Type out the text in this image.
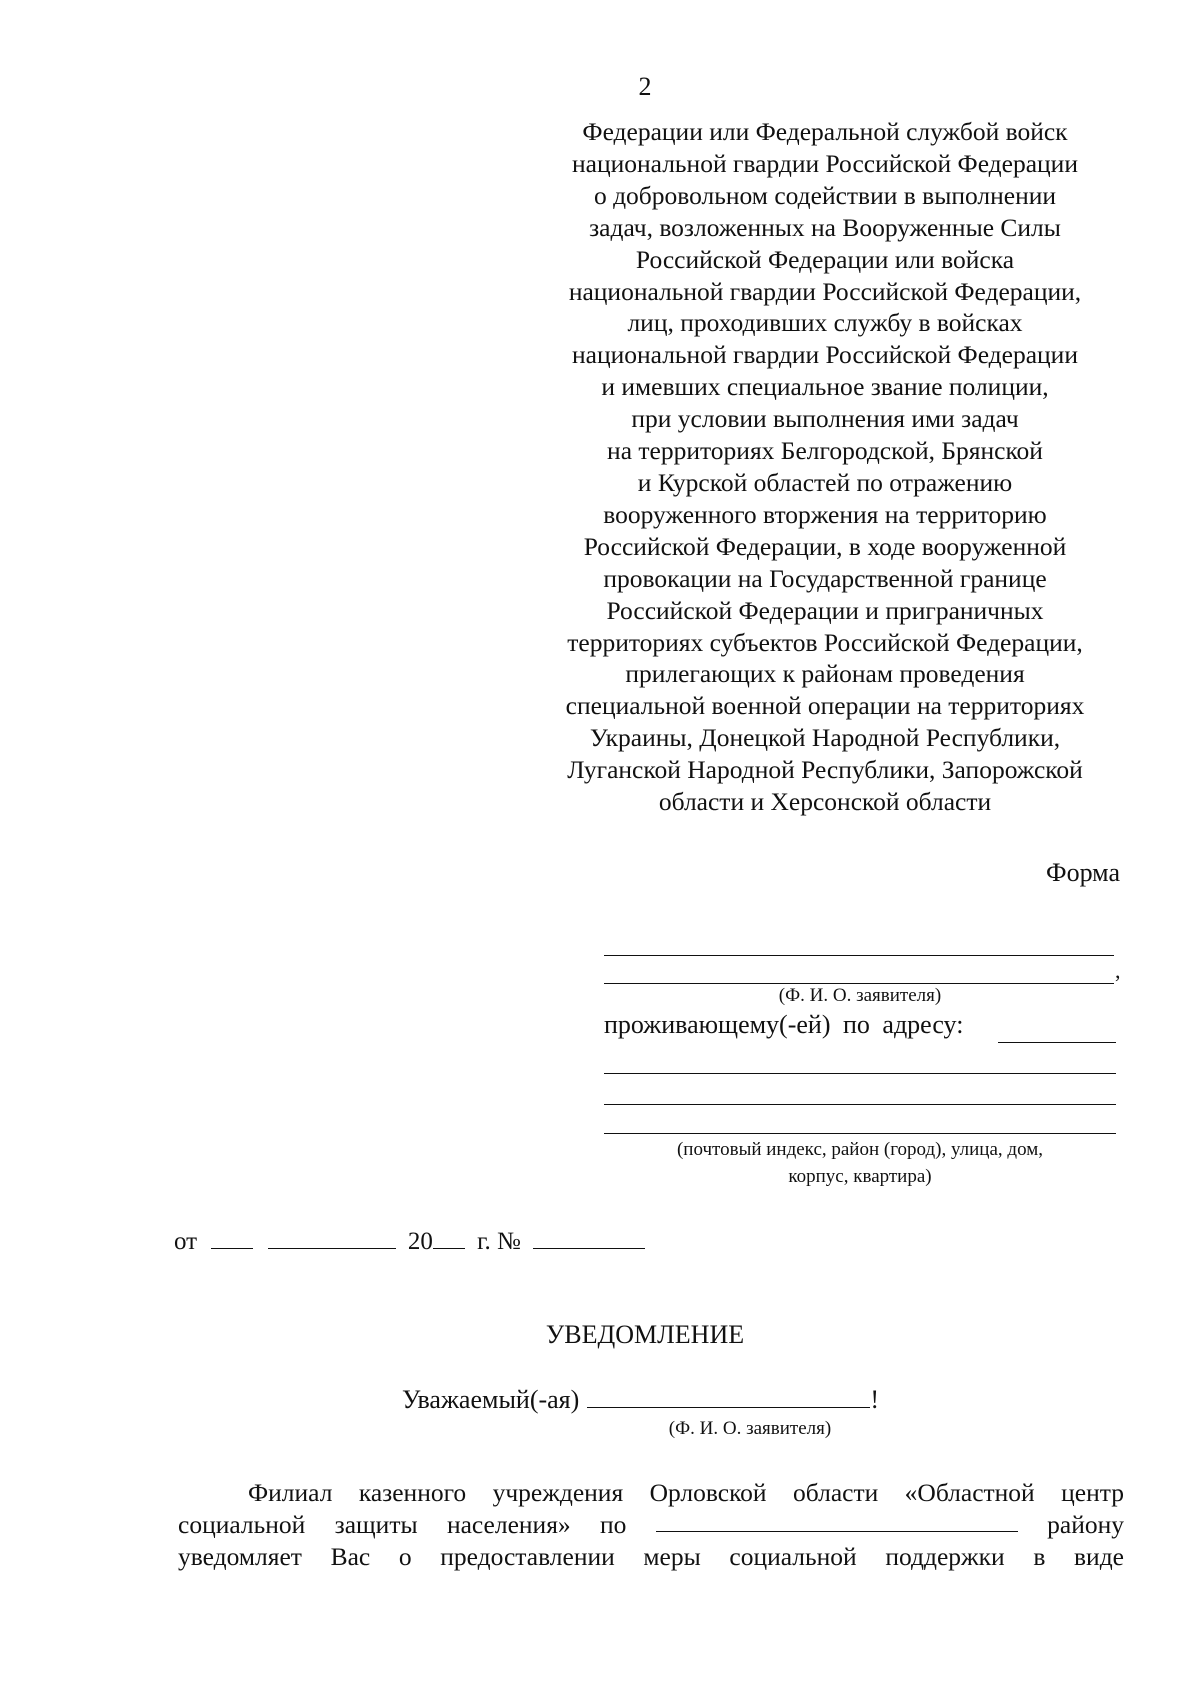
2
Федерации или Федеральной службой войск
национальной гвардии Российской Федерации
о добровольном содействии в выполнении
задач, возложенных на Вооруженные Силы
Российской Федерации или войска
национальной гвардии Российской Федерации,
лиц, проходивших службу в войсках
национальной гвардии Российской Федерации
и имевших специальное звание полиции,
при условии выполнения ими задач
на территориях Белгородской, Брянской
и Курской областей по отражению
вооруженного вторжения на территорию
Российской Федерации, в ходе вооруженной
провокации на Государственной границе
Российской Федерации и приграничных
территориях субъектов Российской Федерации,
прилегающих к районам проведения
специальной военной операции на территориях
Украины, Донецкой Народной Республики,
Луганской Народной Республики, Запорожской
области и Херсонской области
Форма
,
(Ф. И. О. заявителя)
проживающему(-ей) по адресу:
(почтовый индекс, район (город), улица, дом,
корпус, квартира)
от	20 г. №
УВЕДОМЛЕНИЕ
Уважаемый(-ая)	!
(Ф. И. О. заявителя)
Филиал казенного учреждения Орловской области «Областной центр
социальной защиты населения» по	району
уведомляет Вас о предоставлении меры социальной поддержки в виде
